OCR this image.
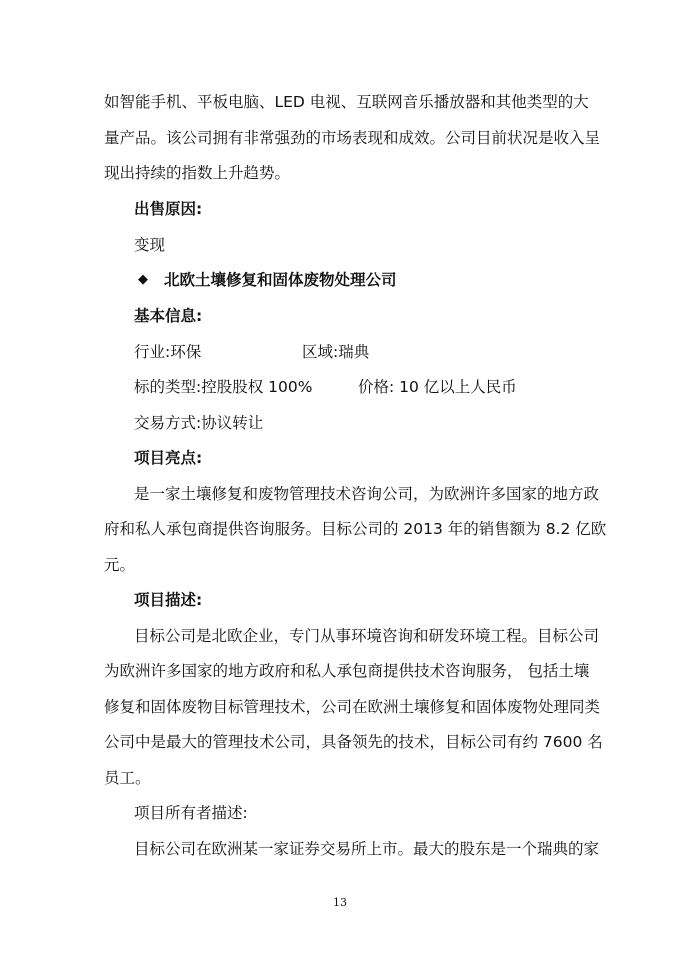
如智能手机、平板电脑、LED 电视、互联网音乐播放器和其他类型的大
量产品。该公司拥有非常强劲的市场表现和成效。公司目前状况是收入呈
现出持续的指数上升趋势。
出售原因:
变现
◆ 北欧土壤修复和固体废物处理公司
基本信息:
行业:环保	区域:瑞典
标的类型:控股股权 100%	价格: 10 亿以上人民币
交易方式:协议转让
项目亮点:
是一家土壤修复和废物管理技术咨询公司，为欧洲许多国家的地方政
府和私人承包商提供咨询服务。目标公司的 2013 年的销售额为 8.2 亿欧
元。
项目描述:
目标公司是北欧企业，专门从事环境咨询和研发环境工程。目标公司
为欧洲许多国家的地方政府和私人承包商提供技术咨询服务， 包括土壤
修复和固体废物目标管理技术，公司在欧洲土壤修复和固体废物处理同类
公司中是最大的管理技术公司，具备领先的技术，目标公司有约 7600 名
员工。
项目所有者描述:
目标公司在欧洲某一家证券交易所上市。最大的股东是一个瑞典的家
13
